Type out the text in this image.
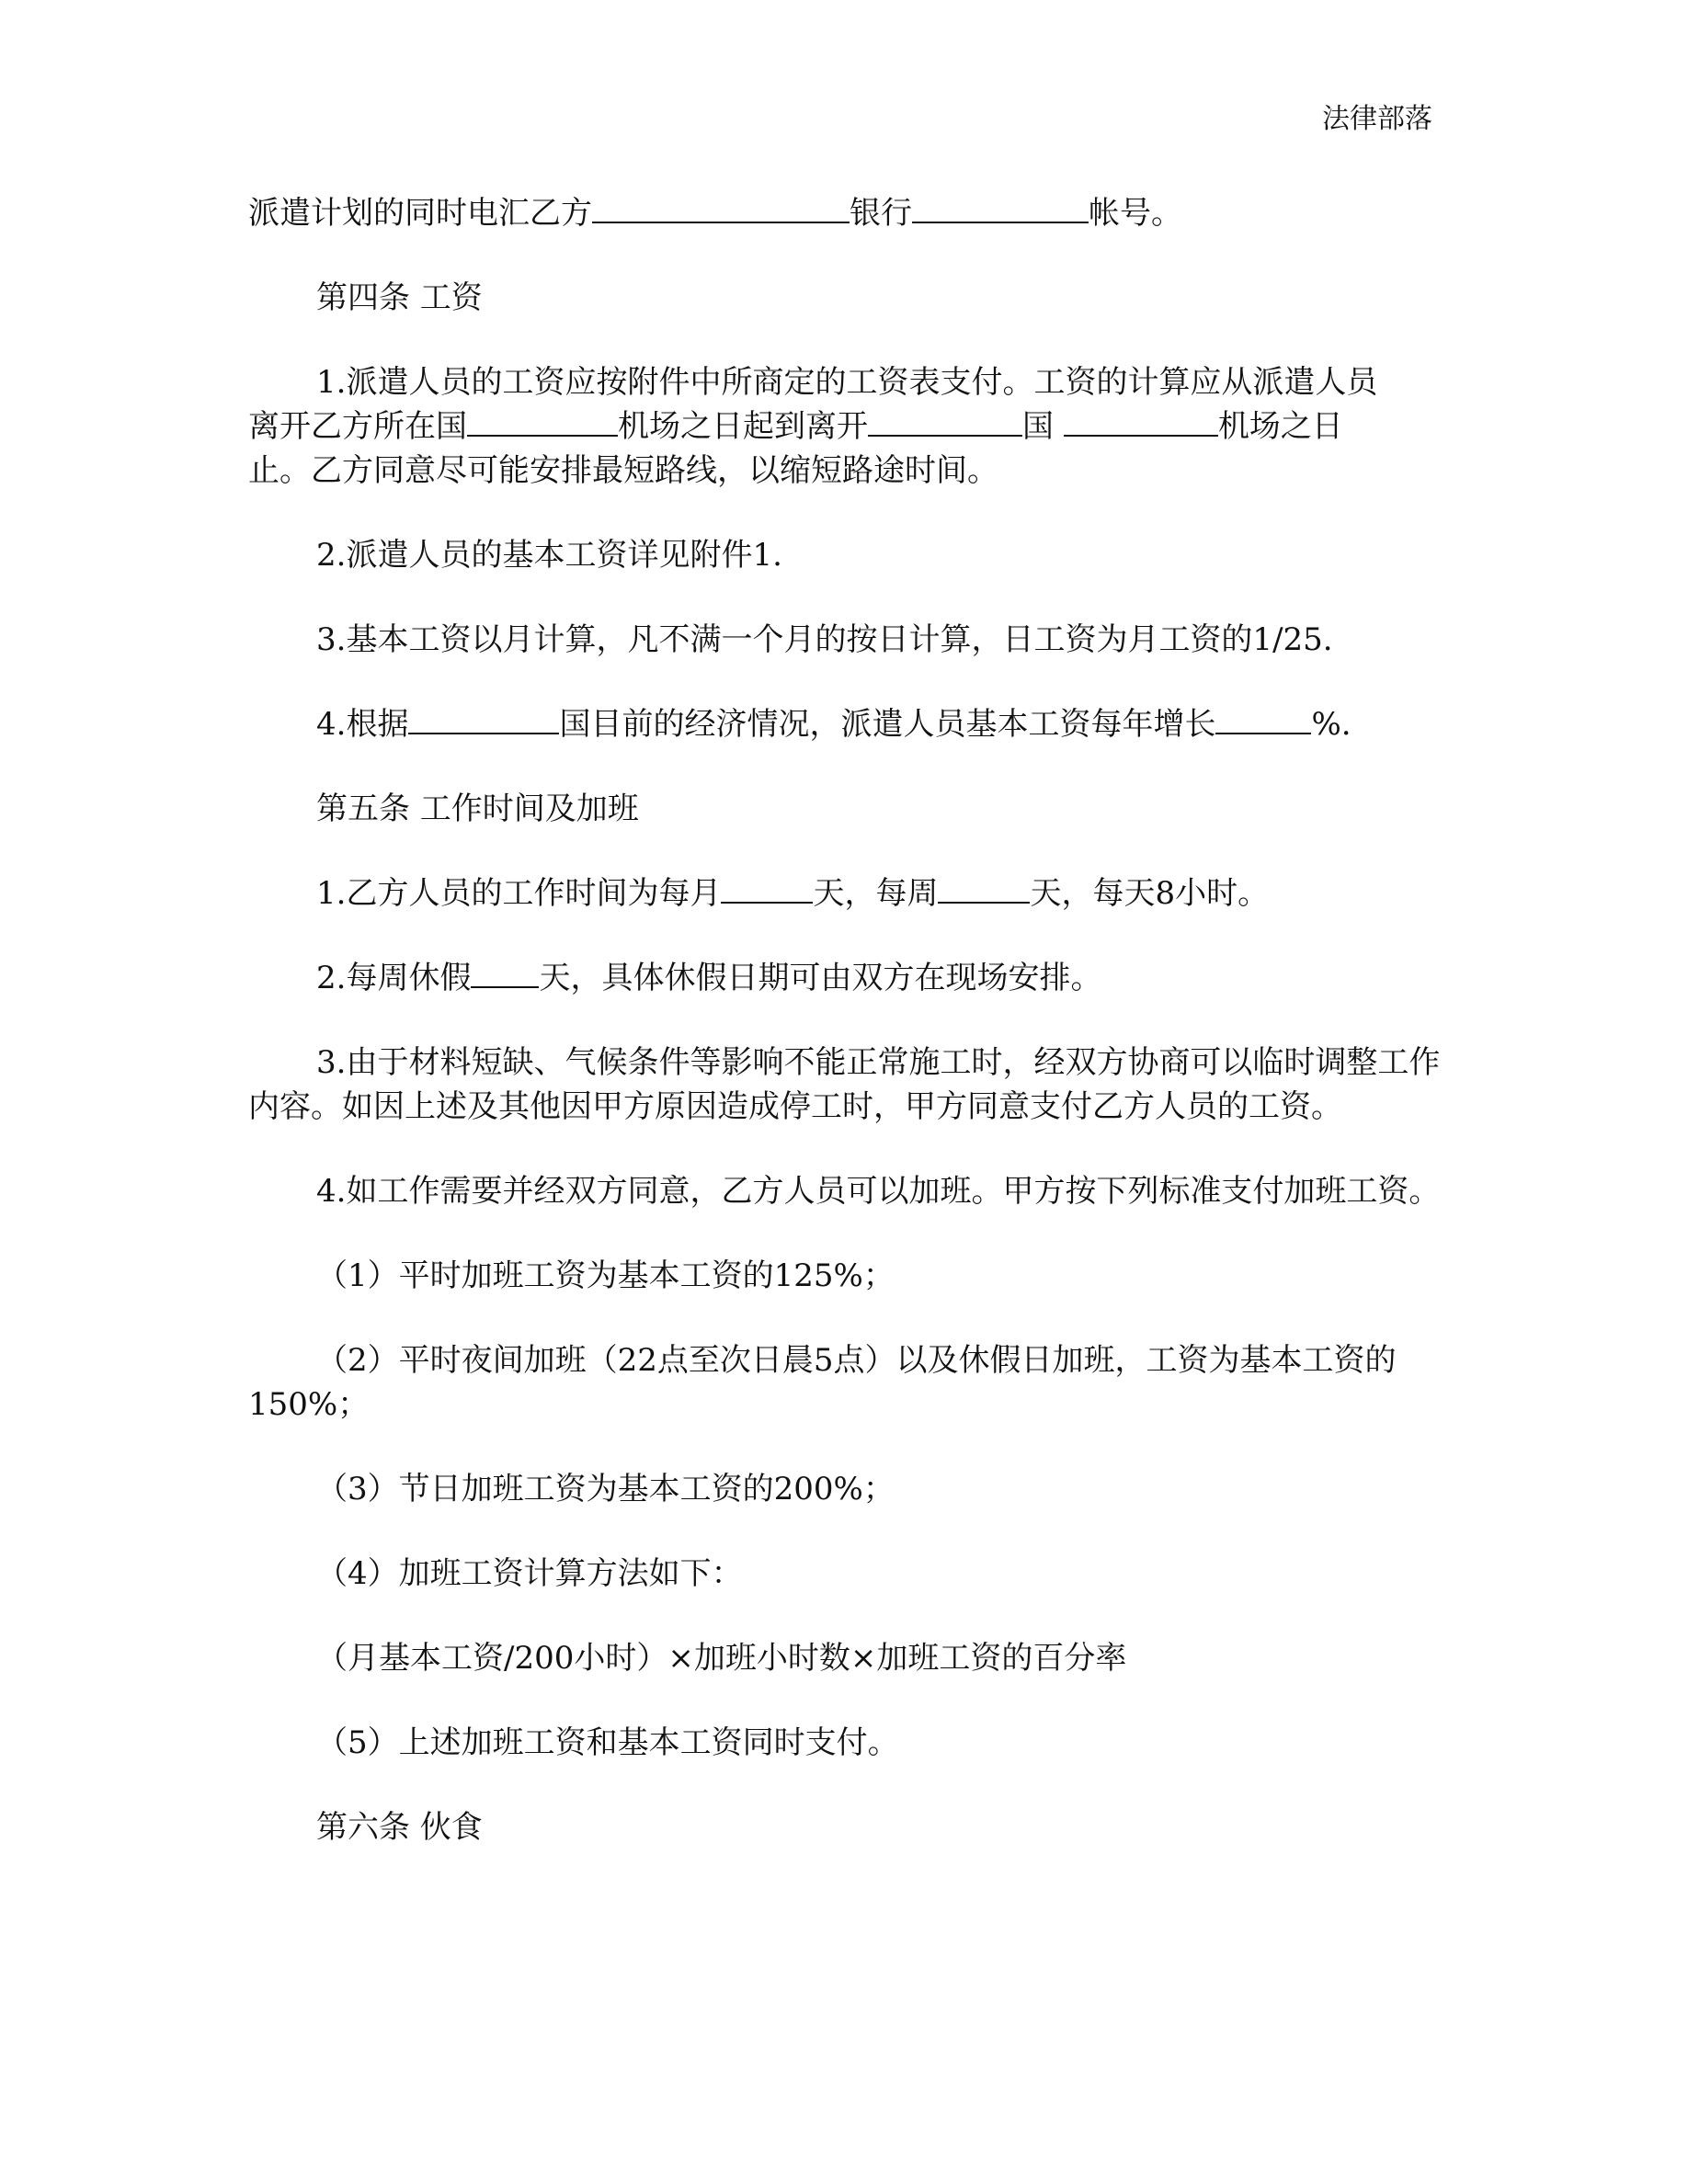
法律部落

派遣计划的同时电汇乙方	银行	帐号。

第四条 工资

1.派遣人员的工资应按附件中所商定的工资表支付。工资的计算应从派遣人员

离开乙方所在国	机场之日起到离开	国	机场之日

止。乙方同意尽可能安排最短路线，以缩短路途时间。

2.派遣人员的基本工资详见附件1.

3.基本工资以月计算，凡不满一个月的按日计算，日工资为月工资的1/25.

4.根据	国目前的经济情况，派遣人员基本工资每年增长	%.

第五条 工作时间及加班

1.乙方人员的工作时间为每月	天，每周	天，每天8小时。

2.每周休假 天，具体休假日期可由双方在现场安排。

3.由于材料短缺、气候条件等影响不能正常施工时，经双方协商可以临时调整工作内容。如因上述及其他因甲方原因造成停工时，甲方同意支付乙方人员的工资。

4.如工作需要并经双方同意，乙方人员可以加班。甲方按下列标准支付加班工资。

（1）平时加班工资为基本工资的125%；

（2）平时夜间加班（22点至次日晨5点）以及休假日加班，工资为基本工资的150%；

（3）节日加班工资为基本工资的200%；

（4）加班工资计算方法如下：

（月基本工资/200小时）×加班小时数×加班工资的百分率

（5）上述加班工资和基本工资同时支付。

第六条 伙食
